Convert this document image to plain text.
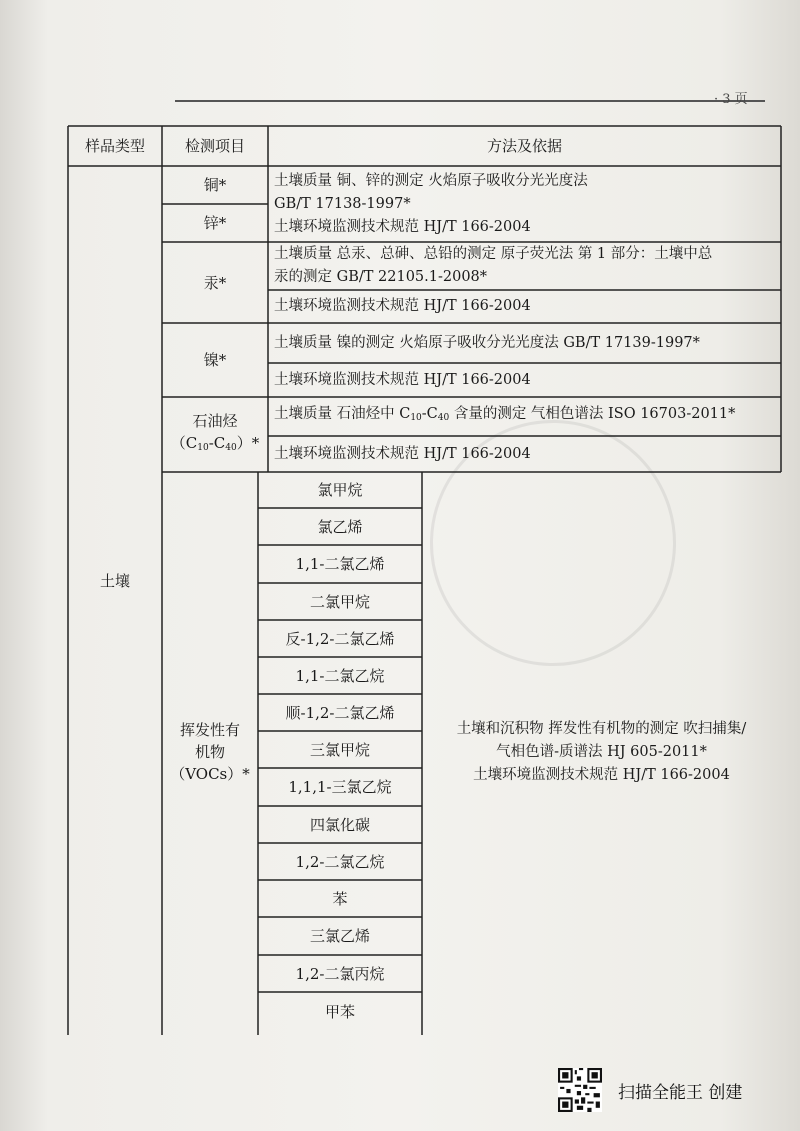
· 3 页
样品类型	检测项目	方法及依据
土壤
铜*
锌*
土壤质量 铜、锌的测定 火焰原子吸收分光光度法
GB/T 17138-1997*
土壤环境监测技术规范 HJ/T 166-2004
汞*
土壤质量 总汞、总砷、总铅的测定 原子荧光法 第 1 部分：土壤中总
汞的测定 GB/T 22105.1-2008*
土壤环境监测技术规范 HJ/T 166-2004
镍*
土壤质量 镍的测定 火焰原子吸收分光光度法 GB/T 17139-1997*
土壤环境监测技术规范 HJ/T 166-2004
石油烃
$(C_{10}-C_{40})*$
土壤质量 石油烃中 $C_{10}-C_{40}$ 含量的测定 气相色谱法 ISO 16703-2011*
土壤环境监测技术规范 HJ/T 166-2004
挥发性有
机物
（VOCs）*
氯甲烷
氯乙烯
1,1-二氯乙烯
二氯甲烷
反-1,2-二氯乙烯
1,1-二氯乙烷
顺-1,2-二氯乙烯
三氯甲烷
1,1,1-三氯乙烷
四氯化碳
1,2-二氯乙烷
苯
三氯乙烯
1,2-二氯丙烷
甲苯
土壤和沉积物 挥发性有机物的测定 吹扫捕集/
气相色谱-质谱法 HJ 605-2011*
土壤环境监测技术规范 HJ/T 166-2004
扫描全能王 创建
